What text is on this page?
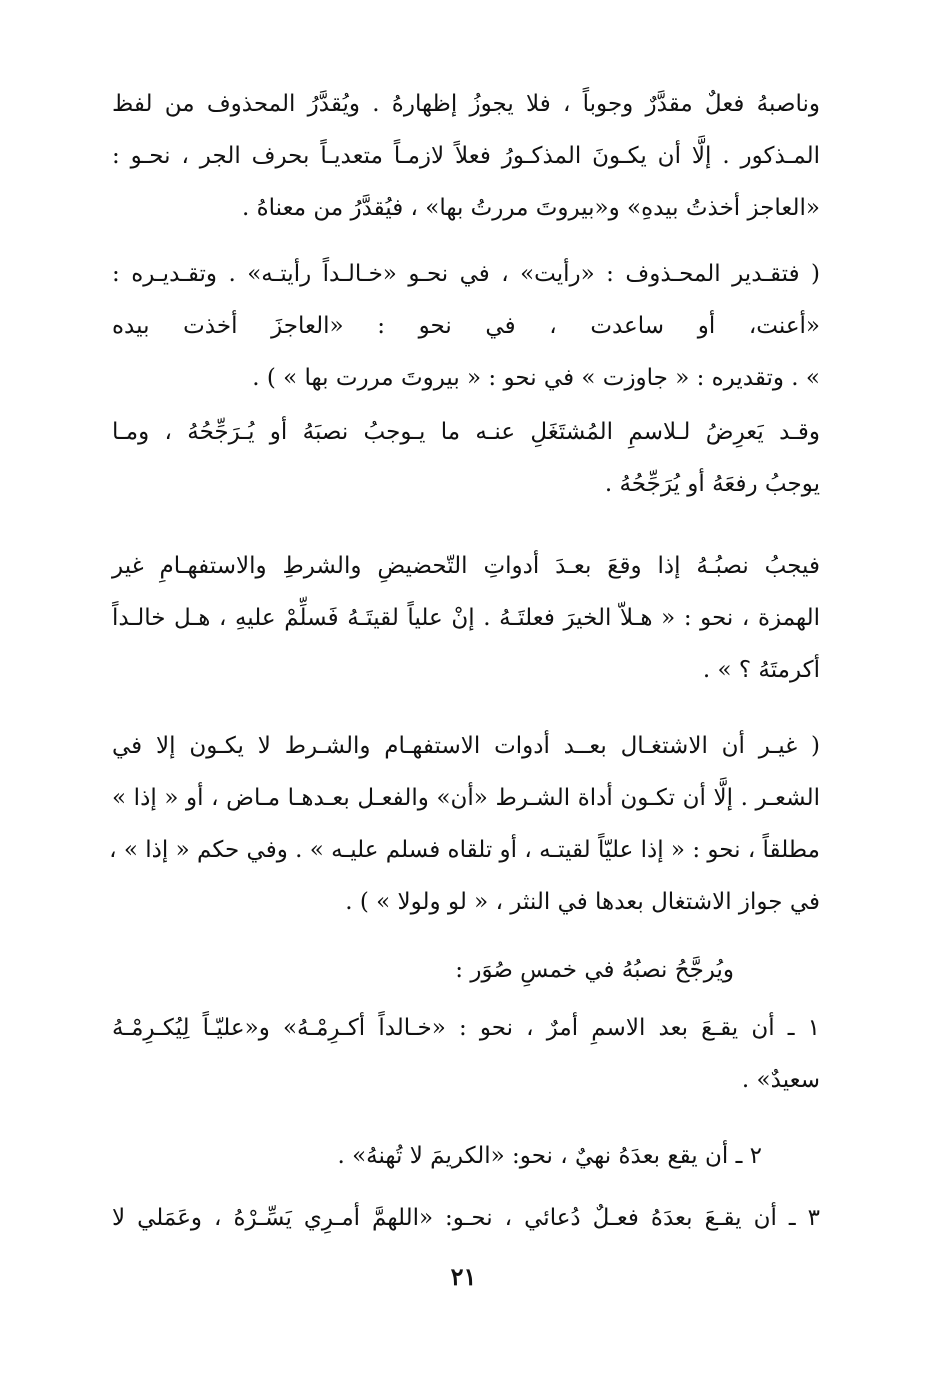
وناصبهُ فعلٌ مقدَّرٌ وجوباً ، فلا يجوزُ إظهارهُ . ويُقدَّرُ المحذوف من لفظ
المـذكور . إلَّا أن يكـونَ المذكـورُ فعلاً لازمـاً متعديـاً بحرف الجر ، نحـو :
«العاجز أخذتُ بيدهِ» و«بيروتَ مررتُ بها» ، فيُقدَّرُ من معناهُ .
( فتقـدير المحـذوف : «رأيت» ، في نحـو «خـالـداً رأيتـه» . وتقـديـره :
«أعنت، أو ساعدت ، في نحو : «العاجزَ أخذت بيده
» . وتقديره : « جاوزت » في نحو : « بيروتَ مررت بها » ) .
وقـد يَعرِضُ لـلاسمِ المُشتَغَلِ عنـه ما يـوجبُ نصبَهُ أو يُـرَجِّحُهُ ، ومـا
يوجبُ رفعَهُ أو يُرَجِّحُهُ .
فيجبُ نصبُـهُ إذا وقعَ بعـدَ أدواتِ التّحضيضِ والشرطِ والاستفهـامِ غير
الهمزة ، نحو : « هـلاّ الخيرَ فعلتَـهُ . إنْ علياً لقيتَـهُ فَسلِّمْ عليهِ ، هـل خالـداً
أكرمتَهُ ؟ » .
( غيـر أن الاشتغـال بعــد أدوات الاستفهـام والشـرط لا يكـون إلا في
الشعـر . إلَّا أن تكـون أداة الشـرط «أن» والفعـل بعـدهـا مـاض ، أو « إذا »
مطلقاً ، نحو : « إذا عليّاً لقيتـه ، أو تلقاه فسلم عليـه » . وفي حكم « إذا » ،
في جواز الاشتغال بعدها في النثر ، « لو ولولا » ) .
ويُرجَّحُ نصبُهُ في خمسِ صُوَر :
١ ـ أن يقـعَ بعد الاسمِ أمرٌ ، نحو : «خـالداً أكـرِمْـهُ» و«عليّـاً لِيُكـرِمْـهُ
سعيدٌ» .
٢ ـ أن يقع بعدَهُ نهيٌ ، نحو: «الكريمَ لا تُهنهُ» .
٣ ـ أن يقـعَ بعدَهُ فعـلٌ دُعائي ، نحـو: «اللهمَّ أمـرِي يَسِّـرْهُ ، وعَمَلي لا
٢١
